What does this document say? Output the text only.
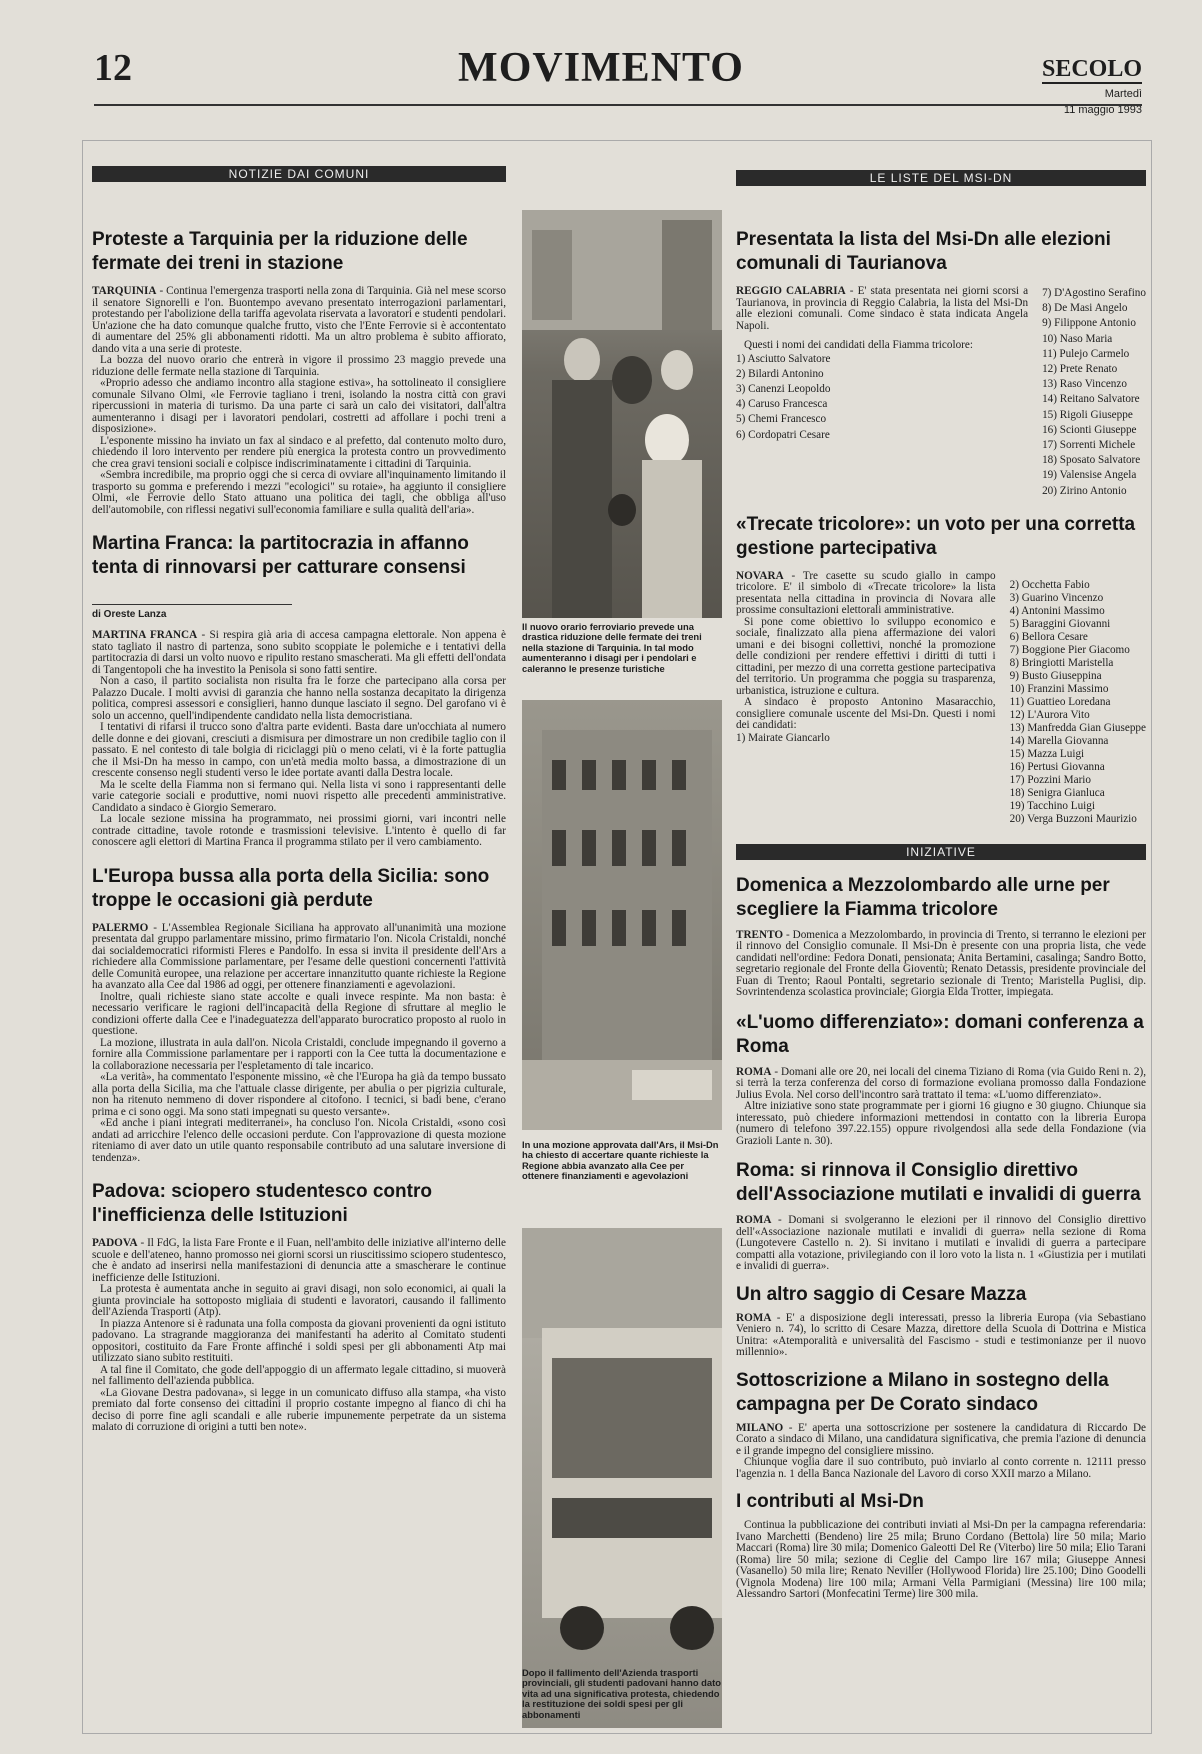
12	MOVIMENTO	SECOLO
Martedì
11 maggio 1993
NOTIZIE DAI COMUNI
Proteste a Tarquinia per la riduzione delle fermate dei treni in stazione

TARQUINIA - Continua l'emergenza trasporti nella zona di Tarquinia. Già nel mese scorso il senatore Signorelli e l'on. Buontempo avevano presentato interrogazioni parlamentari, protestando per l'abolizione della tariffa agevolata riservata a lavoratori e studenti pendolari. Un'azione che ha dato comunque qualche frutto, visto che l'Ente Ferrovie si è accontentato di aumentare del 25% gli abbonamenti ridotti. Ma un altro problema è subito affiorato, dando vita a una serie di proteste.

La bozza del nuovo orario che entrerà in vigore il prossimo 23 maggio prevede una riduzione delle fermate nella stazione di Tarquinia.

«Proprio adesso che andiamo incontro alla stagione estiva», ha sottolineato il consigliere comunale Silvano Olmi, «le Ferrovie tagliano i treni, isolando la nostra città con gravi ripercussioni in materia di turismo. Da una parte ci sarà un calo dei visitatori, dall'altra aumenteranno i disagi per i lavoratori pendolari, costretti ad affollare i pochi treni a disposizione».

L'esponente missino ha inviato un fax al sindaco e al prefetto, dal contenuto molto duro, chiedendo il loro intervento per rendere più energica la protesta contro un provvedimento che crea gravi tensioni sociali e colpisce indiscriminatamente i cittadini di Tarquinia.

«Sembra incredibile, ma proprio oggi che si cerca di ovviare all'inquinamento limitando il trasporto su gomma e preferendo i mezzi "ecologici" su rotaie», ha aggiunto il consigliere Olmi, «le Ferrovie dello Stato attuano una politica dei tagli, che obbliga all'uso dell'automobile, con riflessi negativi sull'economia familiare e sulla qualità dell'aria».

Martina Franca: la partitocrazia in affanno tenta di rinnovarsi per catturare consensi

di Oreste Lanza

MARTINA FRANCA - Si respira già aria di accesa campagna elettorale. Non appena è stato tagliato il nastro di partenza, sono subito scoppiate le polemiche e i tentativi della partitocrazia di darsi un volto nuovo e ripulito restano smascherati. Ma gli effetti dell'ondata di Tangentopoli che ha investito la Penisola si sono fatti sentire.

Non a caso, il partito socialista non risulta fra le forze che partecipano alla corsa per Palazzo Ducale. I molti avvisi di garanzia che hanno nella sostanza decapitato la dirigenza politica, compresi assessori e consiglieri, hanno dunque lasciato il segno. Del garofano vi è solo un accenno, quell'indipendente candidato nella lista democristiana.

I tentativi di rifarsi il trucco sono d'altra parte evidenti. Basta dare un'occhiata al numero delle donne e dei giovani, cresciuti a dismisura per dimostrare un non credibile taglio con il passato. E nel contesto di tale bolgia di riciclaggi più o meno celati, vi è la forte pattuglia che il Msi-Dn ha messo in campo, con un'età media molto bassa, a dimostrazione di un crescente consenso negli studenti verso le idee portate avanti dalla Destra locale.

Ma le scelte della Fiamma non si fermano qui. Nella lista vi sono i rappresentanti delle varie categorie sociali e produttive, nomi nuovi rispetto alle precedenti amministrative. Candidato a sindaco è Giorgio Semeraro.

La locale sezione missina ha programmato, nei prossimi giorni, vari incontri nelle contrade cittadine, tavole rotonde e trasmissioni televisive. L'intento è quello di far conoscere agli elettori di Martina Franca il programma stilato per il vero cambiamento.

L'Europa bussa alla porta della Sicilia: sono troppe le occasioni già perdute

PALERMO - L'Assemblea Regionale Siciliana ha approvato all'unanimità una mozione presentata dal gruppo parlamentare missino, primo firmatario l'on. Nicola Cristaldi, nonché dai socialdemocratici riformisti Fleres e Pandolfo. In essa si invita il presidente dell'Ars a richiedere alla Commissione parlamentare, per l'esame delle questioni concernenti l'attività delle Comunità europee, una relazione per accertare innanzitutto quante richieste la Regione ha avanzato alla Cee dal 1986 ad oggi, per ottenere finanziamenti e agevolazioni.

Inoltre, quali richieste siano state accolte e quali invece respinte. Ma non basta: è necessario verificare le ragioni dell'incapacità della Regione di sfruttare al meglio le condizioni offerte dalla Cee e l'inadeguatezza dell'apparato burocratico proposto al ruolo in questione.

La mozione, illustrata in aula dall'on. Nicola Cristaldi, conclude impegnando il governo a fornire alla Commissione parlamentare per i rapporti con la Cee tutta la documentazione e la collaborazione necessaria per l'espletamento di tale incarico.

«La verità», ha commentato l'esponente missino, «è che l'Europa ha già da tempo bussato alla porta della Sicilia, ma che l'attuale classe dirigente, per abulia o per pigrizia culturale, non ha ritenuto nemmeno di dover rispondere al citofono. I tecnici, si badi bene, c'erano prima e ci sono oggi. Ma sono stati impegnati su questo versante».

«Ed anche i piani integrati mediterranei», ha concluso l'on. Nicola Cristaldi, «sono così andati ad arricchire l'elenco delle occasioni perdute. Con l'approvazione di questa mozione riteniamo di aver dato un utile quanto responsabile contributo ad una salutare inversione di tendenza».

Padova: sciopero studentesco contro l'inefficienza delle Istituzioni

PADOVA - Il FdG, la lista Fare Fronte e il Fuan, nell'ambito delle iniziative all'interno delle scuole e dell'ateneo, hanno promosso nei giorni scorsi un riuscitissimo sciopero studentesco, che è andato ad inserirsi nella manifestazioni di denuncia atte a smascherare le continue inefficienze delle Istituzioni.

La protesta è aumentata anche in seguito ai gravi disagi, non solo economici, ai quali la giunta provinciale ha sottoposto migliaia di studenti e lavoratori, causando il fallimento dell'Azienda Trasporti (Atp).

In piazza Antenore si è radunata una folla composta da giovani provenienti da ogni istituto padovano. La stragrande maggioranza dei manifestanti ha aderito al Comitato studenti oppositori, costituito da Fare Fronte affinché i soldi spesi per gli abbonamenti Atp mai utilizzato siano subito restituiti.

A tal fine il Comitato, che gode dell'appoggio di un affermato legale cittadino, si muoverà nel fallimento dell'azienda pubblica.

«La Giovane Destra padovana», si legge in un comunicato diffuso alla stampa, «ha visto premiato dal forte consenso dei cittadini il proprio costante impegno al fianco di chi ha deciso di porre fine agli scandali e alle ruberie impunemente perpetrate da un sistema malato di corruzione di origini a tutti ben note».

Il nuovo orario ferroviario prevede una drastica riduzione delle fermate dei treni nella stazione di Tarquinia. In tal modo aumenteranno i disagi per i pendolari e caleranno le presenze turistiche
In una mozione approvata dall'Ars, il Msi-Dn ha chiesto di accertare quante richieste la Regione abbia avanzato alla Cee per ottenere finanziamenti e agevolazioni
Dopo il fallimento dell'Azienda trasporti provinciali, gli studenti padovani hanno dato vita ad una significativa protesta, chiedendo la restituzione dei soldi spesi per gli abbonamenti
LE LISTE DEL MSI-DN
Presentata la lista del Msi-Dn alle elezioni comunali di Taurianova

REGGIO CALABRIA - E' stata presentata nei giorni scorsi a Taurianova, in provincia di Reggio Calabria, la lista del Msi-Dn alle elezioni comunali. Come sindaco è stata indicata Angela Napoli.

Questi i nomi dei candidati della Fiamma tricolore:

1) Asciutto Salvatore
2) Bilardi Antonino
3) Canenzi Leopoldo
4) Caruso Francesca
5) Chemi Francesco
6) Cordopatri Cesare
7) D'Agostino Serafino
8) De Masi Angelo
9) Filippone Antonio
10) Naso Maria
11) Pulejo Carmelo
12) Prete Renato
13) Raso Vincenzo
14) Reitano Salvatore
15) Rigoli Giuseppe
16) Scionti Giuseppe
17) Sorrenti Michele
18) Sposato Salvatore
19) Valensise Angela
20) Zirino Antonio
«Trecate tricolore»: un voto per una corretta gestione partecipativa

NOVARA - Tre casette su scudo giallo in campo tricolore. E' il simbolo di «Trecate tricolore» la lista presentata nella cittadina in provincia di Novara alle prossime consultazioni elettorali amministrative.

Si pone come obiettivo lo sviluppo economico e sociale, finalizzato alla piena affermazione dei valori umani e dei bisogni collettivi, nonché la promozione delle condizioni per rendere effettivi i diritti di tutti i cittadini, per mezzo di una corretta gestione partecipativa del territorio. Un programma che poggia su trasparenza, urbanistica, istruzione e cultura.

A sindaco è proposto Antonino Masaracchio, consigliere comunale uscente del Msi-Dn. Questi i nomi dei candidati:

1) Mairate Giancarlo
2) Occhetta Fabio
3) Guarino Vincenzo
4) Antonini Massimo
5) Baraggini Giovanni
6) Bellora Cesare
7) Boggione Pier Giacomo
8) Bringiotti Maristella
9) Busto Giuseppina
10) Franzini Massimo
11) Guattieo Loredana
12) L'Aurora Vito
13) Manfredda Gian Giuseppe
14) Marella Giovanna
15) Mazza Luigi
16) Pertusi Giovanna
17) Pozzini Mario
18) Senigra Gianluca
19) Tacchino Luigi
20) Verga Buzzoni Maurizio
INIZIATIVE
Domenica a Mezzolombardo alle urne per scegliere la Fiamma tricolore

TRENTO - Domenica a Mezzolombardo, in provincia di Trento, si terranno le elezioni per il rinnovo del Consiglio comunale. Il Msi-Dn è presente con una propria lista, che vede candidati nell'ordine: Fedora Donati, pensionata; Anita Bertamini, casalinga; Sandro Botto, segretario regionale del Fronte della Gioventù; Renato Detassis, presidente provinciale del Fuan di Trento; Raoul Pontalti, segretario sezionale di Trento; Maristella Puglisi, dip. Sovrintendenza scolastica provinciale; Giorgia Elda Trotter, impiegata.

«L'uomo differenziato»: domani conferenza a Roma

ROMA - Domani alle ore 20, nei locali del cinema Tiziano di Roma (via Guido Reni n. 2), si terrà la terza conferenza del corso di formazione evoliana promosso dalla Fondazione Julius Evola. Nel corso dell'incontro sarà trattato il tema: «L'uomo differenziato».

Altre iniziative sono state programmate per i giorni 16 giugno e 30 giugno. Chiunque sia interessato, può chiedere informazioni mettendosi in contatto con la libreria Europa (numero di telefono 397.22.155) oppure rivolgendosi alla sede della Fondazione (via Grazioli Lante n. 30).

Roma: si rinnova il Consiglio direttivo dell'Associazione mutilati e invalidi di guerra

ROMA - Domani si svolgeranno le elezioni per il rinnovo del Consiglio direttivo dell'«Associazione nazionale mutilati e invalidi di guerra» nella sezione di Roma (Lungotevere Castello n. 2). Si invitano i mutilati e invalidi di guerra a partecipare compatti alla votazione, privilegiando con il loro voto la lista n. 1 «Giustizia per i mutilati e invalidi di guerra».

Un altro saggio di Cesare Mazza

ROMA - E' a disposizione degli interessati, presso la libreria Europa (via Sebastiano Veniero n. 74), lo scritto di Cesare Mazza, direttore della Scuola di Dottrina e Mistica Unitra: «Atemporalità e universalità del Fascismo - studi e testimonianze per il nuovo millennio».

Sottoscrizione a Milano in sostegno della campagna per De Corato sindaco

MILANO - E' aperta una sottoscrizione per sostenere la candidatura di Riccardo De Corato a sindaco di Milano, una candidatura significativa, che premia l'azione di denuncia e il grande impegno del consigliere missino.

Chiunque voglia dare il suo contributo, può inviarlo al conto corrente n. 12111 presso l'agenzia n. 1 della Banca Nazionale del Lavoro di corso XXII marzo a Milano.

I contributi al Msi-Dn

Continua la pubblicazione dei contributi inviati al Msi-Dn per la campagna referendaria: Ivano Marchetti (Bendeno) lire 25 mila; Bruno Cordano (Bettola) lire 50 mila; Mario Maccari (Roma) lire 30 mila; Domenico Galeotti Del Re (Viterbo) lire 50 mila; Elio Tarani (Roma) lire 50 mila; sezione di Ceglie del Campo lire 167 mila; Giuseppe Annesi (Vasanello) 50 mila lire; Renato Neviller (Hollywood Florida) lire 25.100; Dino Goodelli (Vignola Modena) lire 100 mila; Armani Vella Parmigiani (Messina) lire 100 mila; Alessandro Sartori (Monfecatini Terme) lire 300 mila.
